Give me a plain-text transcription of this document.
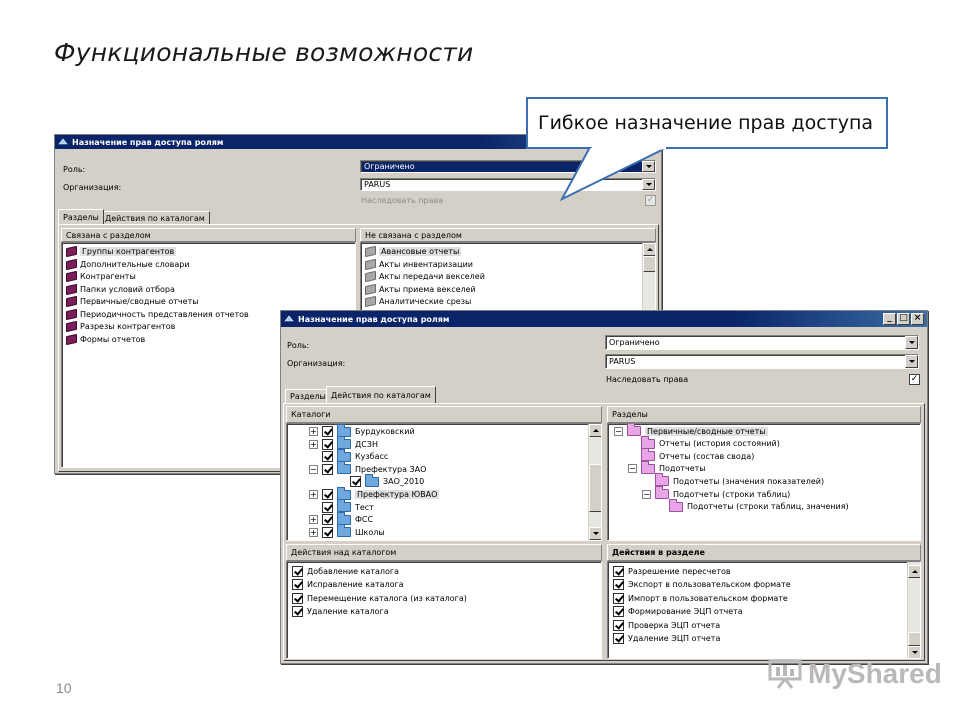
Функциональные возможности
Назначение прав доступа ролям
Роль:	Ограничено
Организация:	PARUS
Наследовать права	✓
Разделы Действия по каталогам
Связана с разделом
Группы контрагентов
Дополнительные словари
Контрагенты
Папки условий отбора
Первичные/сводные отчеты
Периодичность представления отчетов
Разрезы контрагентов
Формы отчетов
Не связана с разделом
Авансовые отчеты
Акты инвентаризации
Акты передачи векселей
Акты приема векселей
Аналитические срезы
Гибкое назначение прав доступа
Назначение прав доступа ролям	_ □ ×
Роль:	Ограничено
Организация:	PARUS
Наследовать права	✓
Разделы Действия по каталогам
Каталоги
+	Бурдуковский
+	ДСЗН
Кузбасс
−	Префектура ЗАО
ЗАО_2010
+	Префектура ЮВАО
Тест
+	ФСС
+	Школы
Разделы
−	Первичные/сводные отчеты
Отчеты (история состояний)
Отчеты (состав свода)
−	Подотчеты
Подотчеты (значения показателей)
−	Подотчеты (строки таблиц)
Подотчеты (строки таблиц, значения)
Действия над каталогом
Добавление каталога
Исправление каталога
Перемещение каталога (из каталога)
Удаление каталога
Действия в разделе
Разрешение пересчетов
Экспорт в пользовательском формате
Импорт в пользовательском формате
Формирование ЭЦП отчета
Проверка ЭЦП отчета
Удаление ЭЦП отчета
10	MyShared
